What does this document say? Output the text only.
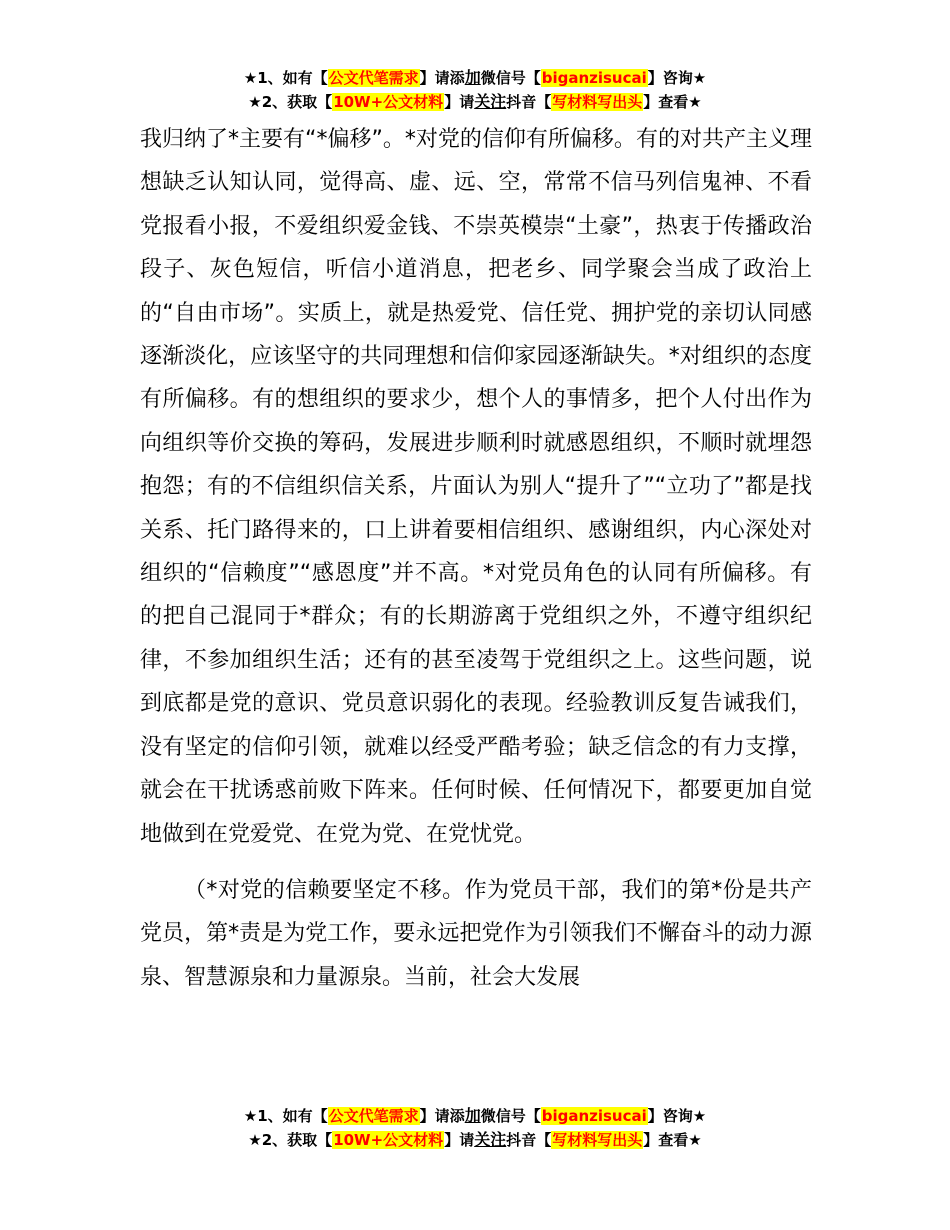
★1、如有【公文代笔需求】请添加微信号【biganzisucai】咨询★
★2、获取【10W+公文材料】请关注抖音【写材料写出头】查看★

我归纳了*主要有“*偏移”。*对党的信仰有所偏移。有的对共产主义理想缺乏认知认同，觉得高、虚、远、空，常常不信马列信鬼神、不看党报看小报，不爱组织爱金钱、不崇英模崇“土豪”，热衷于传播政治段子、灰色短信，听信小道消息，把老乡、同学聚会当成了政治上的“自由市场”。实质上，就是热爱党、信任党、拥护党的亲切认同感逐渐淡化，应该坚守的共同理想和信仰家园逐渐缺失。*对组织的态度有所偏移。有的想组织的要求少，想个人的事情多，把个人付出作为向组织等价交换的筹码，发展进步顺利时就感恩组织，不顺时就埋怨抱怨；有的不信组织信关系，片面认为别人“提升了”“立功了”都是找关系、托门路得来的，口上讲着要相信组织、感谢组织，内心深处对组织的“信赖度”“感恩度”并不高。*对党员角色的认同有所偏移。有的把自己混同于*群众；有的长期游离于党组织之外，不遵守组织纪律，不参加组织生活；还有的甚至凌驾于党组织之上。这些问题，说到底都是党的意识、党员意识弱化的表现。经验教训反复告诫我们，没有坚定的信仰引领，就难以经受严酷考验；缺乏信念的有力支撑，就会在干扰诱惑前败下阵来。任何时候、任何情况下，都要更加自觉地做到在党爱党、在党为党、在党忧党。

（*对党的信赖要坚定不移。作为党员干部，我们的第*份是共产党员，第*责是为党工作，要永远把党作为引领我们不懈奋斗的动力源泉、智慧源泉和力量源泉。当前，社会大发展

★1、如有【公文代笔需求】请添加微信号【biganzisucai】咨询★
★2、获取【10W+公文材料】请关注抖音【写材料写出头】查看★
